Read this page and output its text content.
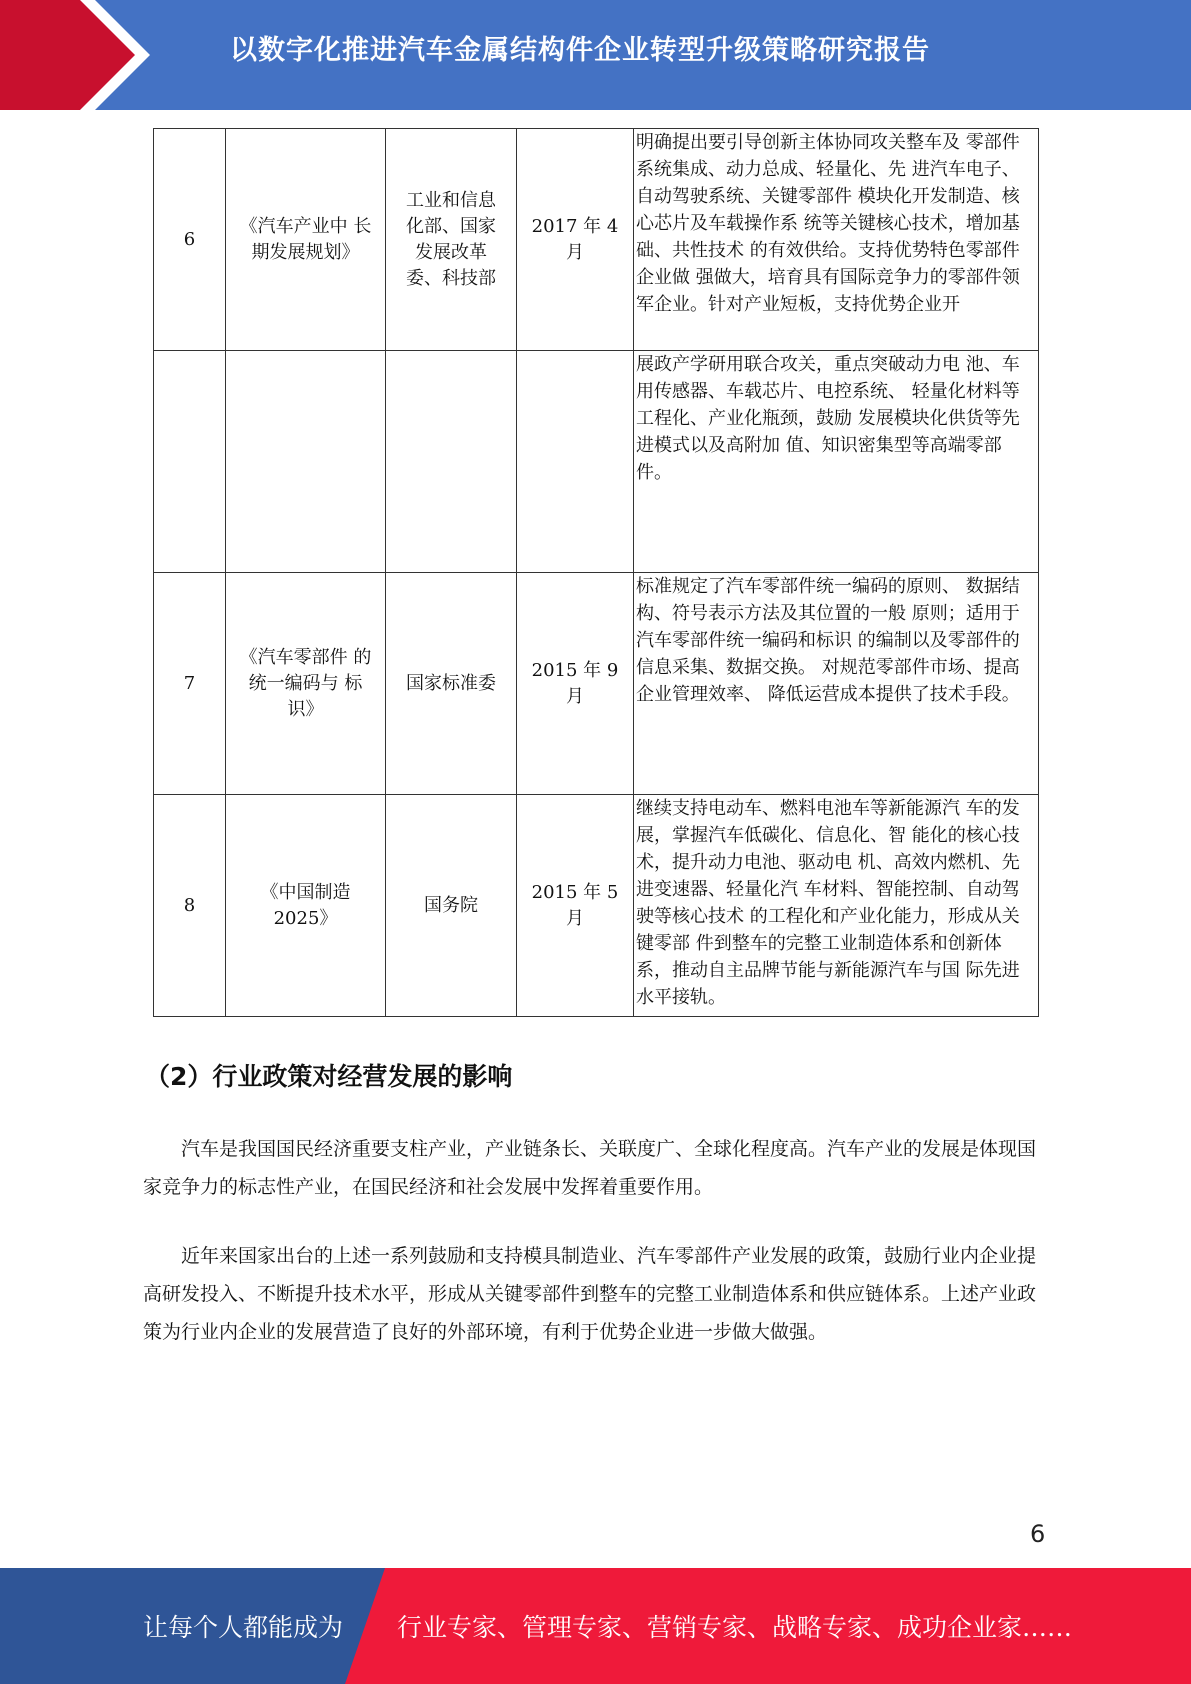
以数字化推进汽车金属结构件企业转型升级策略研究报告
6	《汽车产业中 长期发展规划》	工业和信息化部、国家发展改革委、科技部	2017 年 4 月	明确提出要引导创新主体协同攻关整车及 零部件系统集成、动力总成、轻量化、先 进汽车电子、自动驾驶系统、关键零部件 模块化开发制造、核心芯片及车载操作系 统等关键核心技术，增加基础、共性技术 的有效供给。支持优势特色零部件企业做 强做大，培育具有国际竞争力的零部件领 军企业。针对产业短板，支持优势企业开
				展政产学研用联合攻关，重点突破动力电 池、车用传感器、车载芯片、电控系统、 轻量化材料等工程化、产业化瓶颈，鼓励 发展模块化供货等先进模式以及高附加 值、知识密集型等高端零部件。
7	《汽车零部件 的统一编码与 标识》	国家标准委	2015 年 9 月	标准规定了汽车零部件统一编码的原则、 数据结构、符号表示方法及其位置的一般 原则；适用于汽车零部件统一编码和标识 的编制以及零部件的信息采集、数据交换。 对规范零部件市场、提高企业管理效率、 降低运营成本提供了技术手段。
8	《中国制造 2025》	国务院	2015 年 5 月	继续支持电动车、燃料电池车等新能源汽 车的发展，掌握汽车低碳化、信息化、智 能化的核心技术，提升动力电池、驱动电 机、高效内燃机、先进变速器、轻量化汽 车材料、智能控制、自动驾驶等核心技术 的工程化和产业化能力，形成从关键零部 件到整车的完整工业制造体系和创新体 系，推动自主品牌节能与新能源汽车与国 际先进水平接轨。
（2）行业政策对经营发展的影响

汽车是我国国民经济重要支柱产业，产业链条长、关联度广、全球化程度高。汽车产业的发展是体现国家竞争力的标志性产业，在国民经济和社会发展中发挥着重要作用。

近年来国家出台的上述一系列鼓励和支持模具制造业、汽车零部件产业发展的政策，鼓励行业内企业提高研发投入、不断提升技术水平，形成从关键零部件到整车的完整工业制造体系和供应链体系。上述产业政策为行业内企业的发展营造了良好的外部环境，有利于优势企业进一步做大做强。

6
让每个人都能成为 行业专家、管理专家、营销专家、战略专家、成功企业家……
